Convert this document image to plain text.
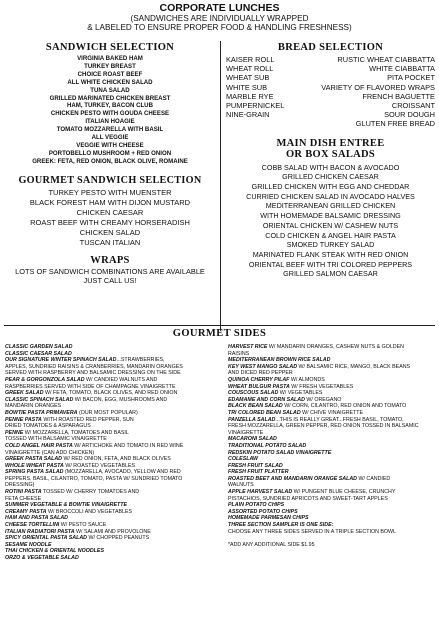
CORPORATE LUNCHES
(SANDWICHES ARE INDIVIDUALLY WRAPPED
& LABELED TO ENSURE PROPER FOOD & HANDLING FRESHNESS)
SANDWICH SELECTION
VIRGINIA BAKED HAM
TURKEY BREAST
CHOICE ROAST BEEF
ALL WHITE CHICKEN SALAD
TUNA SALAD
GRILLED MARINATED CHICKEN BREAST
HAM, TURKEY, BACON CLUB
CHICKEN PESTO WITH GOUDA CHEESE
ITALIAN HOAGIE
TOMATO MOZZARELLA WITH BASIL
ALL VEGGIE
VEGGIE WITH CHEESE
PORTOBELLO MUSHROOM + RED ONION
GREEK: FETA, RED ONION, BLACK OLIVE, ROMAINE
GOURMET SANDWICH SELECTION
TURKEY PESTO WITH MUENSTER
BLACK FOREST HAM WITH DIJON MUSTARD
CHICKEN CAESAR
ROAST BEEF WITH CREAMY HORSERADISH
CHICKEN SALAD
TUSCAN ITALIAN
WRAPS
LOTS OF SANDWICH COMBINATIONS ARE AVAILABLE
JUST CALL US!
BREAD SELECTION
KAISER ROLL	RUSTIC WHEAT CIABBATTA
WHEAT ROLL	WHITE CIABBATTA
WHEAT SUB	PITA POCKET
WHITE SUB	VARIETY OF FLAVORED WRAPS
MARBLE RYE	FRENCH BAGUETTE
PUMPERNICKEL	CROISSANT
NINE-GRAIN	SOUR DOUGH
GLUTEN FREE BREAD
MAIN DISH ENTREE
OR BOX SALADS
COBB SALAD WITH BACON & AVOCADO
GRILLED CHICKEN CAESAR
GRILLED CHICKEN WITH EGG AND CHEDDAR
CURRIED CHICKEN SALAD IN AVOCADO HALVES
MEDITERRANEAN GRILLED CHICKEN
WITH HOMEMADE BALSAMIC DRESSING
ORIENTAL CHICKEN W/ CASHEW NUTS
COLD CHICKEN & ANGEL HAIR PASTA
SMOKED TURKEY SALAD
MARINATED FLANK STEAK WITH RED ONION
ORIENTAL BEEF WITH TRI COLORED PEPPERS
GRILLED SALMON CAESAR
GOURMET SIDES
CLASSIC GARDEN SALAD
CLASSIC CAESAR SALAD
OUR SIGNATURE WINTER SPINACH SALAD...STRAWBERRIES,
APPLES, SUNDRIED RAISINS & CRANBERRIES, MANDARIN ORANGES
SERVED WITH RASPBERRY AND BALSAMIC DRESSING ON THE SIDE
PEAR & GORGONZOLA SALAD W/ CANDIED WALNUTS AND
RASPBERRIES SERVED WITH SIDE OF CHAMPAGNE VINAIGRETTE
GREEK SALAD W/ FETA, TOMATO, BLACK OLIVES, AND RED ONION
CLASSIC SPINACH SALAD W/ BACON, EGG, MUSHROOMS AND
MANDARIN ORANGES
BOWTIE PASTA PRIMAVERA (OUR MOST POPULAR)
PENNE PASTA WITH ROASTED RED PEPPER, SUN
DRIED TOMATOES & ASPARAGUS
PENNE W/ MOZZARELLA, TOMATOES AND BASIL
TOSSED WITH BALSAMIC VINAIGRETTE
COLD ANGEL HAIR PASTA W/ ARTICHOKE AND TOMATO IN RED WINE
VINAIGRETTE (CAN ADD CHICKEN)
GREEK PASTA SALAD W/ RED ONION, FETA, AND BLACK OLIVES
WHOLE WHEAT PASTA W/ ROASTED VEGETABLES
SPRING PASTA SALAD (MOZZARELLA, AVOCADO, YELLOW AND RED
PEPPERS, BASIL, CILANTRO, TOMATO, PASTA W/ SUNDRIED TOMATO
DRESSING)
ROTINI PASTA TOSSED W/ CHERRY TOMATOES AND
FETA CHEESE
SUMMER VEGETABLE & BOWTIE VINAIGRETTE
CREAMY PASTA W/ BROCCOLI AND VEGETABLES
HAM AND PASTA SALAD
CHEESE TORTELLINI W/ PESTO SAUCE
ITALIAN RADIATORI PASTA W/ SALAMI AND PROVOLONE
SPICY ORIENTAL PASTA SALAD W/ CHOPPED PEANUTS
SESAME NOODLE
THAI CHICKEN & ORIENTAL NOODLES
ORZO & VEGETABLE SALAD
HARVEST RICE W/ MANDARIN ORANGES, CASHEW NUTS & GOLDEN
RAISINS
MEDITERRANEAN BROWN RICE SALAD
KEY WEST MANGO SALAD W/ BALSAMIC RICE, MANGO, BLACK BEANS
AND DICED RED PEPPER
QUINOA CHERRY PILAF W/ ALMONDS
WHEAT BULGUR PASTA W/ FRESH VEGETABLES
COUSCOUS SALAD W/ VEGETABLES
EDAMAME AND CORN SALAD W/ OREGANO
BLACK BEAN SALAD W/ CORN, CILANTRO, RED ONION AND TOMATO
TRI COLORED BEAN SALAD W/ CHIVE VINAIGRETTE
PANZELLA SALAD...THIS IS REALLY GREAT...FRESH BASIL, TOMATO,
FRESH MOZZARELLA, GREEN PEPPER, RED ONION TOSSED IN BALSAMIC
VINAIGRETTE
MACARONI SALAD
TRADITIONAL POTATO SALAD
REDSKIN POTATO SALAD VINAIGRETTE
COLESLAW
FRESH FRUIT SALAD
FRESH FRUIT PLATTER
ROASTED BEET AND MANDARIN ORANGE SALAD W/ CANDIED
WALNUTS
APPLE HARVEST SALAD W/ PUNGENT BLUE CHEESE, CRUNCHY
PISTACHIOS, SUNDRIED APRICOTS AND SWEET-TART APPLES
PLAIN POTATO CHIPS
ASSORTED POTATO CHIPS
HOMEMADE PARMESAN CHIPS
THREE SECTION SAMPLER IS ONE SIDE:
CHOOSE ANY THREE SIDES SERVED IN A TRIPLE SECTION BOWL
*ADD ANY ADDITIONAL SIDE $1.95
